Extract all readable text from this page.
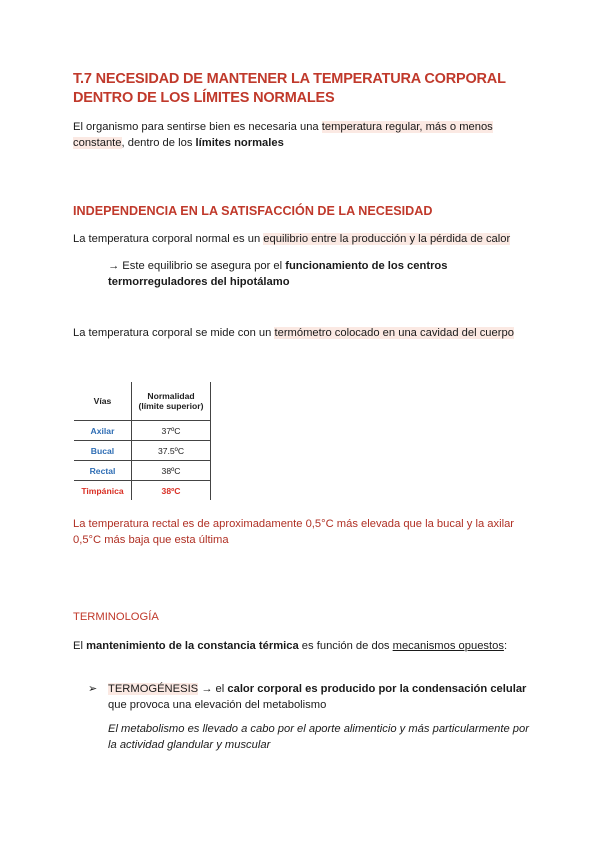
T.7 NECESIDAD DE MANTENER LA TEMPERATURA CORPORAL
DENTRO DE LOS LÍMITES NORMALES
El organismo para sentirse bien es necesaria una temperatura regular, más o menos constante, dentro de los límites normales
INDEPENDENCIA EN LA SATISFACCIÓN DE LA NECESIDAD
La temperatura corporal normal es un equilibrio entre la producción y la pérdida de calor
→ Este equilibrio se asegura por el funcionamiento de los centros
termorreguladores del hipotálamo
La temperatura corporal se mide con un termómetro colocado en una cavidad del cuerpo
Vías	Normalidad
(límite superior)

Axilar	37ºC
Bucal	37.5ºC
Rectal	38ºC
Timpánica	38ºC
La temperatura rectal es de aproximadamente 0,5°C más elevada que la bucal y la axilar
0,5°C más baja que esta última
TERMINOLOGÍA
El mantenimiento de la constancia térmica es función de dos mecanismos opuestos:
➢ TERMOGÉNESIS → el calor corporal es producido por la condensación celular
que provoca una elevación del metabolismo
El metabolismo es llevado a cabo por el aporte alimenticio y más particularmente por
la actividad glandular y muscular
